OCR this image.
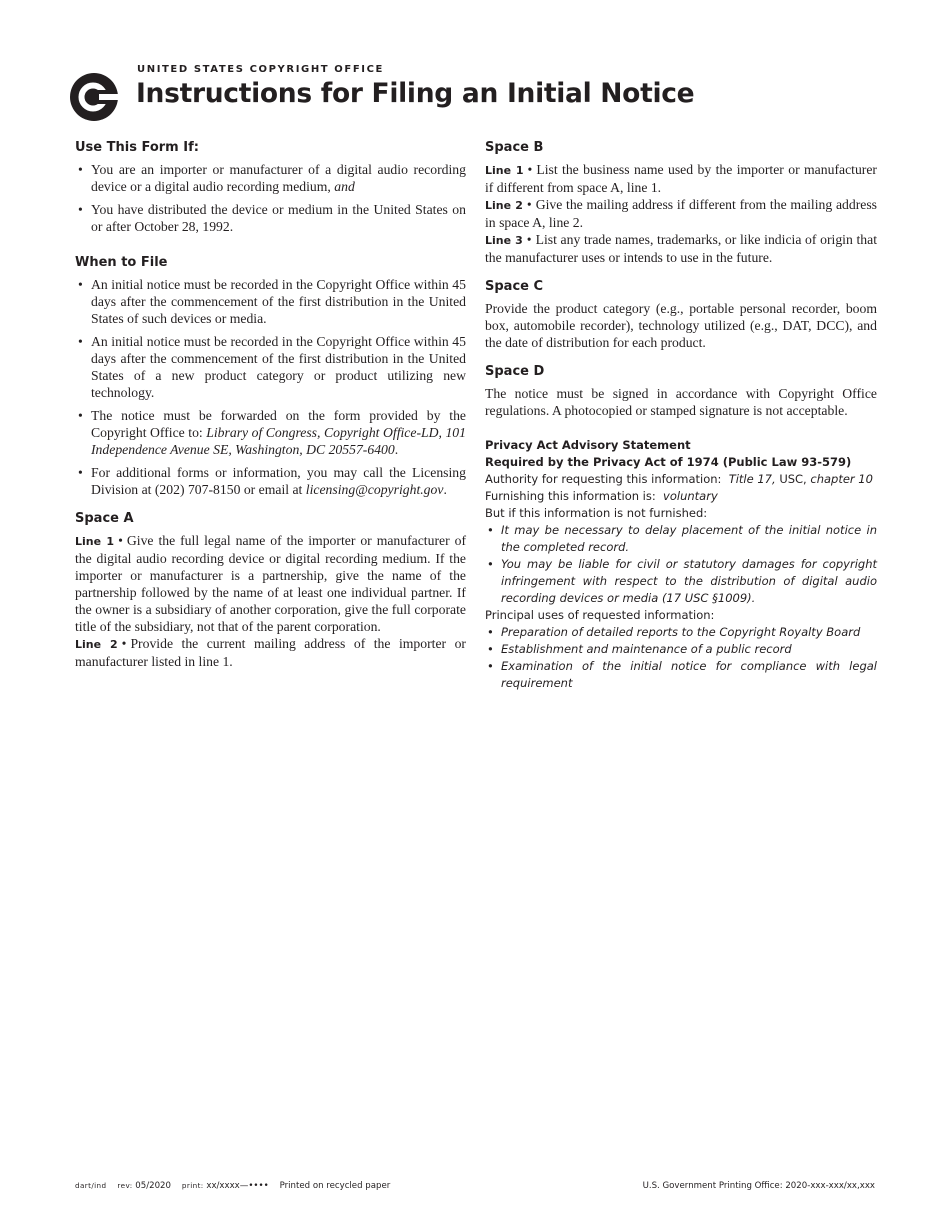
UNITED STATES COPYRIGHT OFFICE
Instructions for Filing an Initial Notice
Use This Form If:
• You are an importer or manufacturer of a digital audio recording device or a digital audio recording medium, and
• You have distributed the device or medium in the United States on or after October 28, 1992.
When to File
• An initial notice must be recorded in the Copyright Office within 45 days after the commencement of the first distribution in the United States of such devices or media.
• An initial notice must be recorded in the Copyright Office within 45 days after the commencement of the first distribution in the United States of a new product category or product utilizing new technology.
• The notice must be forwarded on the form provided by the Copyright Office to: Library of Congress, Copyright Office-LD, 101 Independence Avenue SE, Washington, DC 20557-6400.
• For additional forms or information, you may call the Licensing Division at (202) 707-8150 or email at licensing@copyright.gov.
Space A

Line 1 • Give the full legal name of the importer or manufacturer of the digital audio recording device or digital recording medium. If the importer or manufacturer is a partnership, give the name of the partnership followed by the name of at least one individual partner. If the owner is a subsidiary of another corporation, give the full corporate title of the subsidiary, not that of the parent corporation.

Line 2 • Provide the current mailing address of the importer or manufacturer listed in line 1.

Space B

Line 1 • List the business name used by the importer or manufacturer if different from space A, line 1.

Line 2 • Give the mailing address if different from the mailing address in space A, line 2.

Line 3 • List any trade names, trademarks, or like indicia of origin that the manufacturer uses or intends to use in the future.

Space C

Provide the product category (e.g., portable personal recorder, boom box, automobile recorder), technology utilized (e.g., DAT, DCC), and the date of distribution for each product.

Space D

The notice must be signed in accordance with Copyright Office regulations. A photocopied or stamped signature is not acceptable.

Privacy Act Advisory Statement
Required by the Privacy Act of 1974 (Public Law 93-579)
Authority for requesting this information: Title 17, USC, chapter 10
Furnishing this information is: voluntary
But if this information is not furnished:
• It may be necessary to delay placement of the initial notice in the completed record.
• You may be liable for civil or statutory damages for copyright infringement with respect to the distribution of digital audio recording devices or media (17 USC §1009).
Principal uses of requested information:
• Preparation of detailed reports to the Copyright Royalty Board
• Establishment and maintenance of a public record
• Examination of the initial notice for compliance with legal requirement
dart/ind rev: 05/2020 print: xx/xxxx—•••• Printed on recycled paper	U.S. Government Printing Office: 2020-xxx-xxx/xx,xxx
